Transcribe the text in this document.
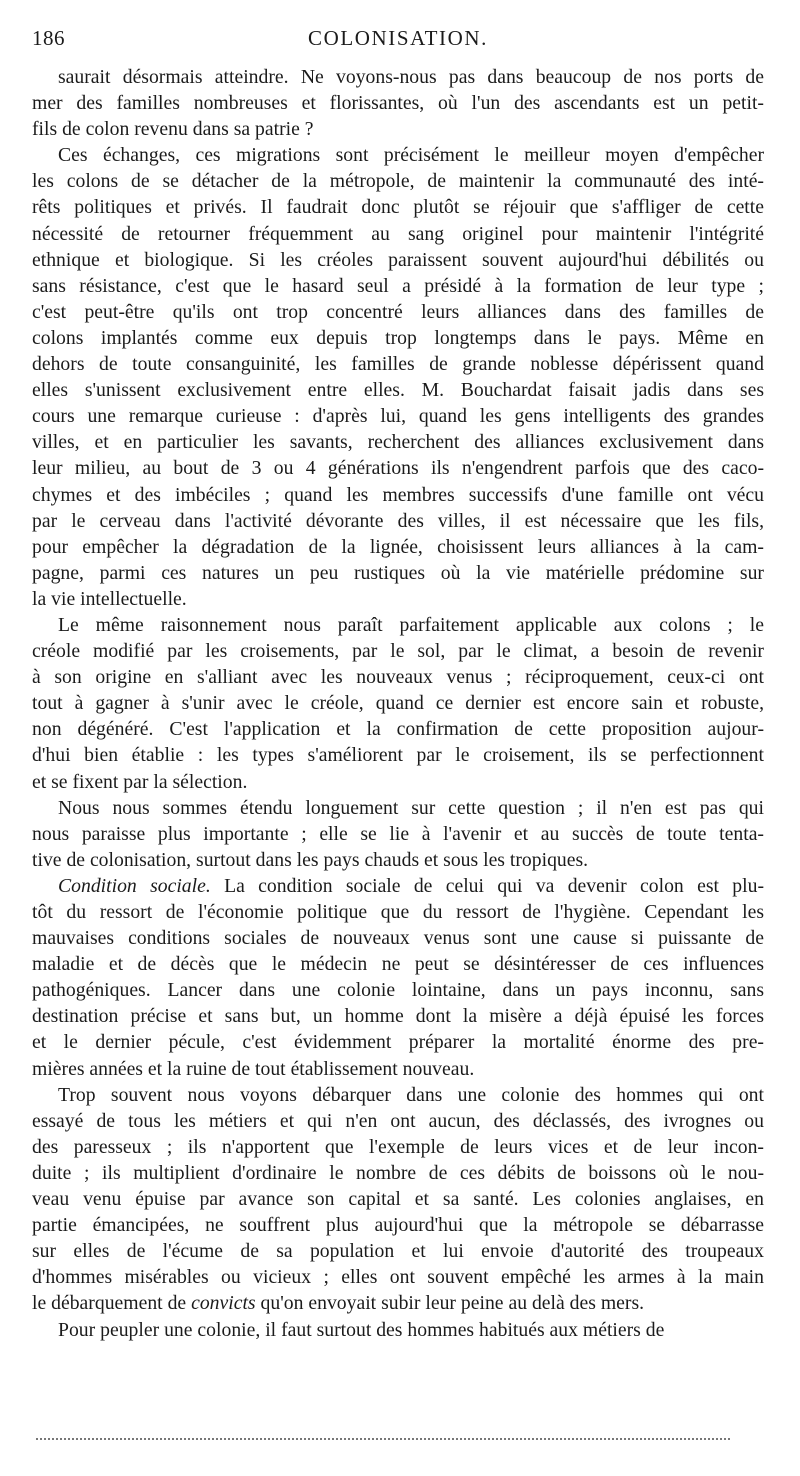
186	COLONISATION.

saurait désormais atteindre. Ne voyons-nous pas dans beaucoup de nos ports de
mer des familles nombreuses et florissantes, où l'un des ascendants est un petit-
fils de colon revenu dans sa patrie ?

Ces échanges, ces migrations sont précisément le meilleur moyen d'empêcher
les colons de se détacher de la métropole, de maintenir la communauté des inté-
rêts politiques et privés. Il faudrait donc plutôt se réjouir que s'affliger de cette
nécessité de retourner fréquemment au sang originel pour maintenir l'intégrité
ethnique et biologique. Si les créoles paraissent souvent aujourd'hui débilités ou
sans résistance, c'est que le hasard seul a présidé à la formation de leur type ;
c'est peut-être qu'ils ont trop concentré leurs alliances dans des familles de
colons implantés comme eux depuis trop longtemps dans le pays. Même en
dehors de toute consanguinité, les familles de grande noblesse dépérissent quand
elles s'unissent exclusivement entre elles. M. Bouchardat faisait jadis dans ses
cours une remarque curieuse : d'après lui, quand les gens intelligents des grandes
villes, et en particulier les savants, recherchent des alliances exclusivement dans
leur milieu, au bout de 3 ou 4 générations ils n'engendrent parfois que des caco-
chymes et des imbéciles ; quand les membres successifs d'une famille ont vécu
par le cerveau dans l'activité dévorante des villes, il est nécessaire que les fils,
pour empêcher la dégradation de la lignée, choisissent leurs alliances à la cam-
pagne, parmi ces natures un peu rustiques où la vie matérielle prédomine sur
la vie intellectuelle.

Le même raisonnement nous paraît parfaitement applicable aux colons ; le
créole modifié par les croisements, par le sol, par le climat, a besoin de revenir
à son origine en s'alliant avec les nouveaux venus ; réciproquement, ceux-ci ont
tout à gagner à s'unir avec le créole, quand ce dernier est encore sain et robuste,
non dégénéré. C'est l'application et la confirmation de cette proposition aujour-
d'hui bien établie : les types s'améliorent par le croisement, ils se perfectionnent
et se fixent par la sélection.

Nous nous sommes étendu longuement sur cette question ; il n'en est pas qui
nous paraisse plus importante ; elle se lie à l'avenir et au succès de toute tenta-
tive de colonisation, surtout dans les pays chauds et sous les tropiques.

Condition sociale. La condition sociale de celui qui va devenir colon est plu-
tôt du ressort de l'économie politique que du ressort de l'hygiène. Cependant les
mauvaises conditions sociales de nouveaux venus sont une cause si puissante de
maladie et de décès que le médecin ne peut se désintéresser de ces influences
pathogéniques. Lancer dans une colonie lointaine, dans un pays inconnu, sans
destination précise et sans but, un homme dont la misère a déjà épuisé les forces
et le dernier pécule, c'est évidemment préparer la mortalité énorme des pre-
mières années et la ruine de tout établissement nouveau.

Trop souvent nous voyons débarquer dans une colonie des hommes qui ont
essayé de tous les métiers et qui n'en ont aucun, des déclassés, des ivrognes ou
des paresseux ; ils n'apportent que l'exemple de leurs vices et de leur incon-
duite ; ils multiplient d'ordinaire le nombre de ces débits de boissons où le nou-
veau venu épuise par avance son capital et sa santé. Les colonies anglaises, en
partie émancipées, ne souffrent plus aujourd'hui que la métropole se débarrasse
sur elles de l'écume de sa population et lui envoie d'autorité des troupeaux
d'hommes misérables ou vicieux ; elles ont souvent empêché les armes à la main
le débarquement de convicts qu'on envoyait subir leur peine au delà des mers.

Pour peupler une colonie, il faut surtout des hommes habitués aux métiers de
